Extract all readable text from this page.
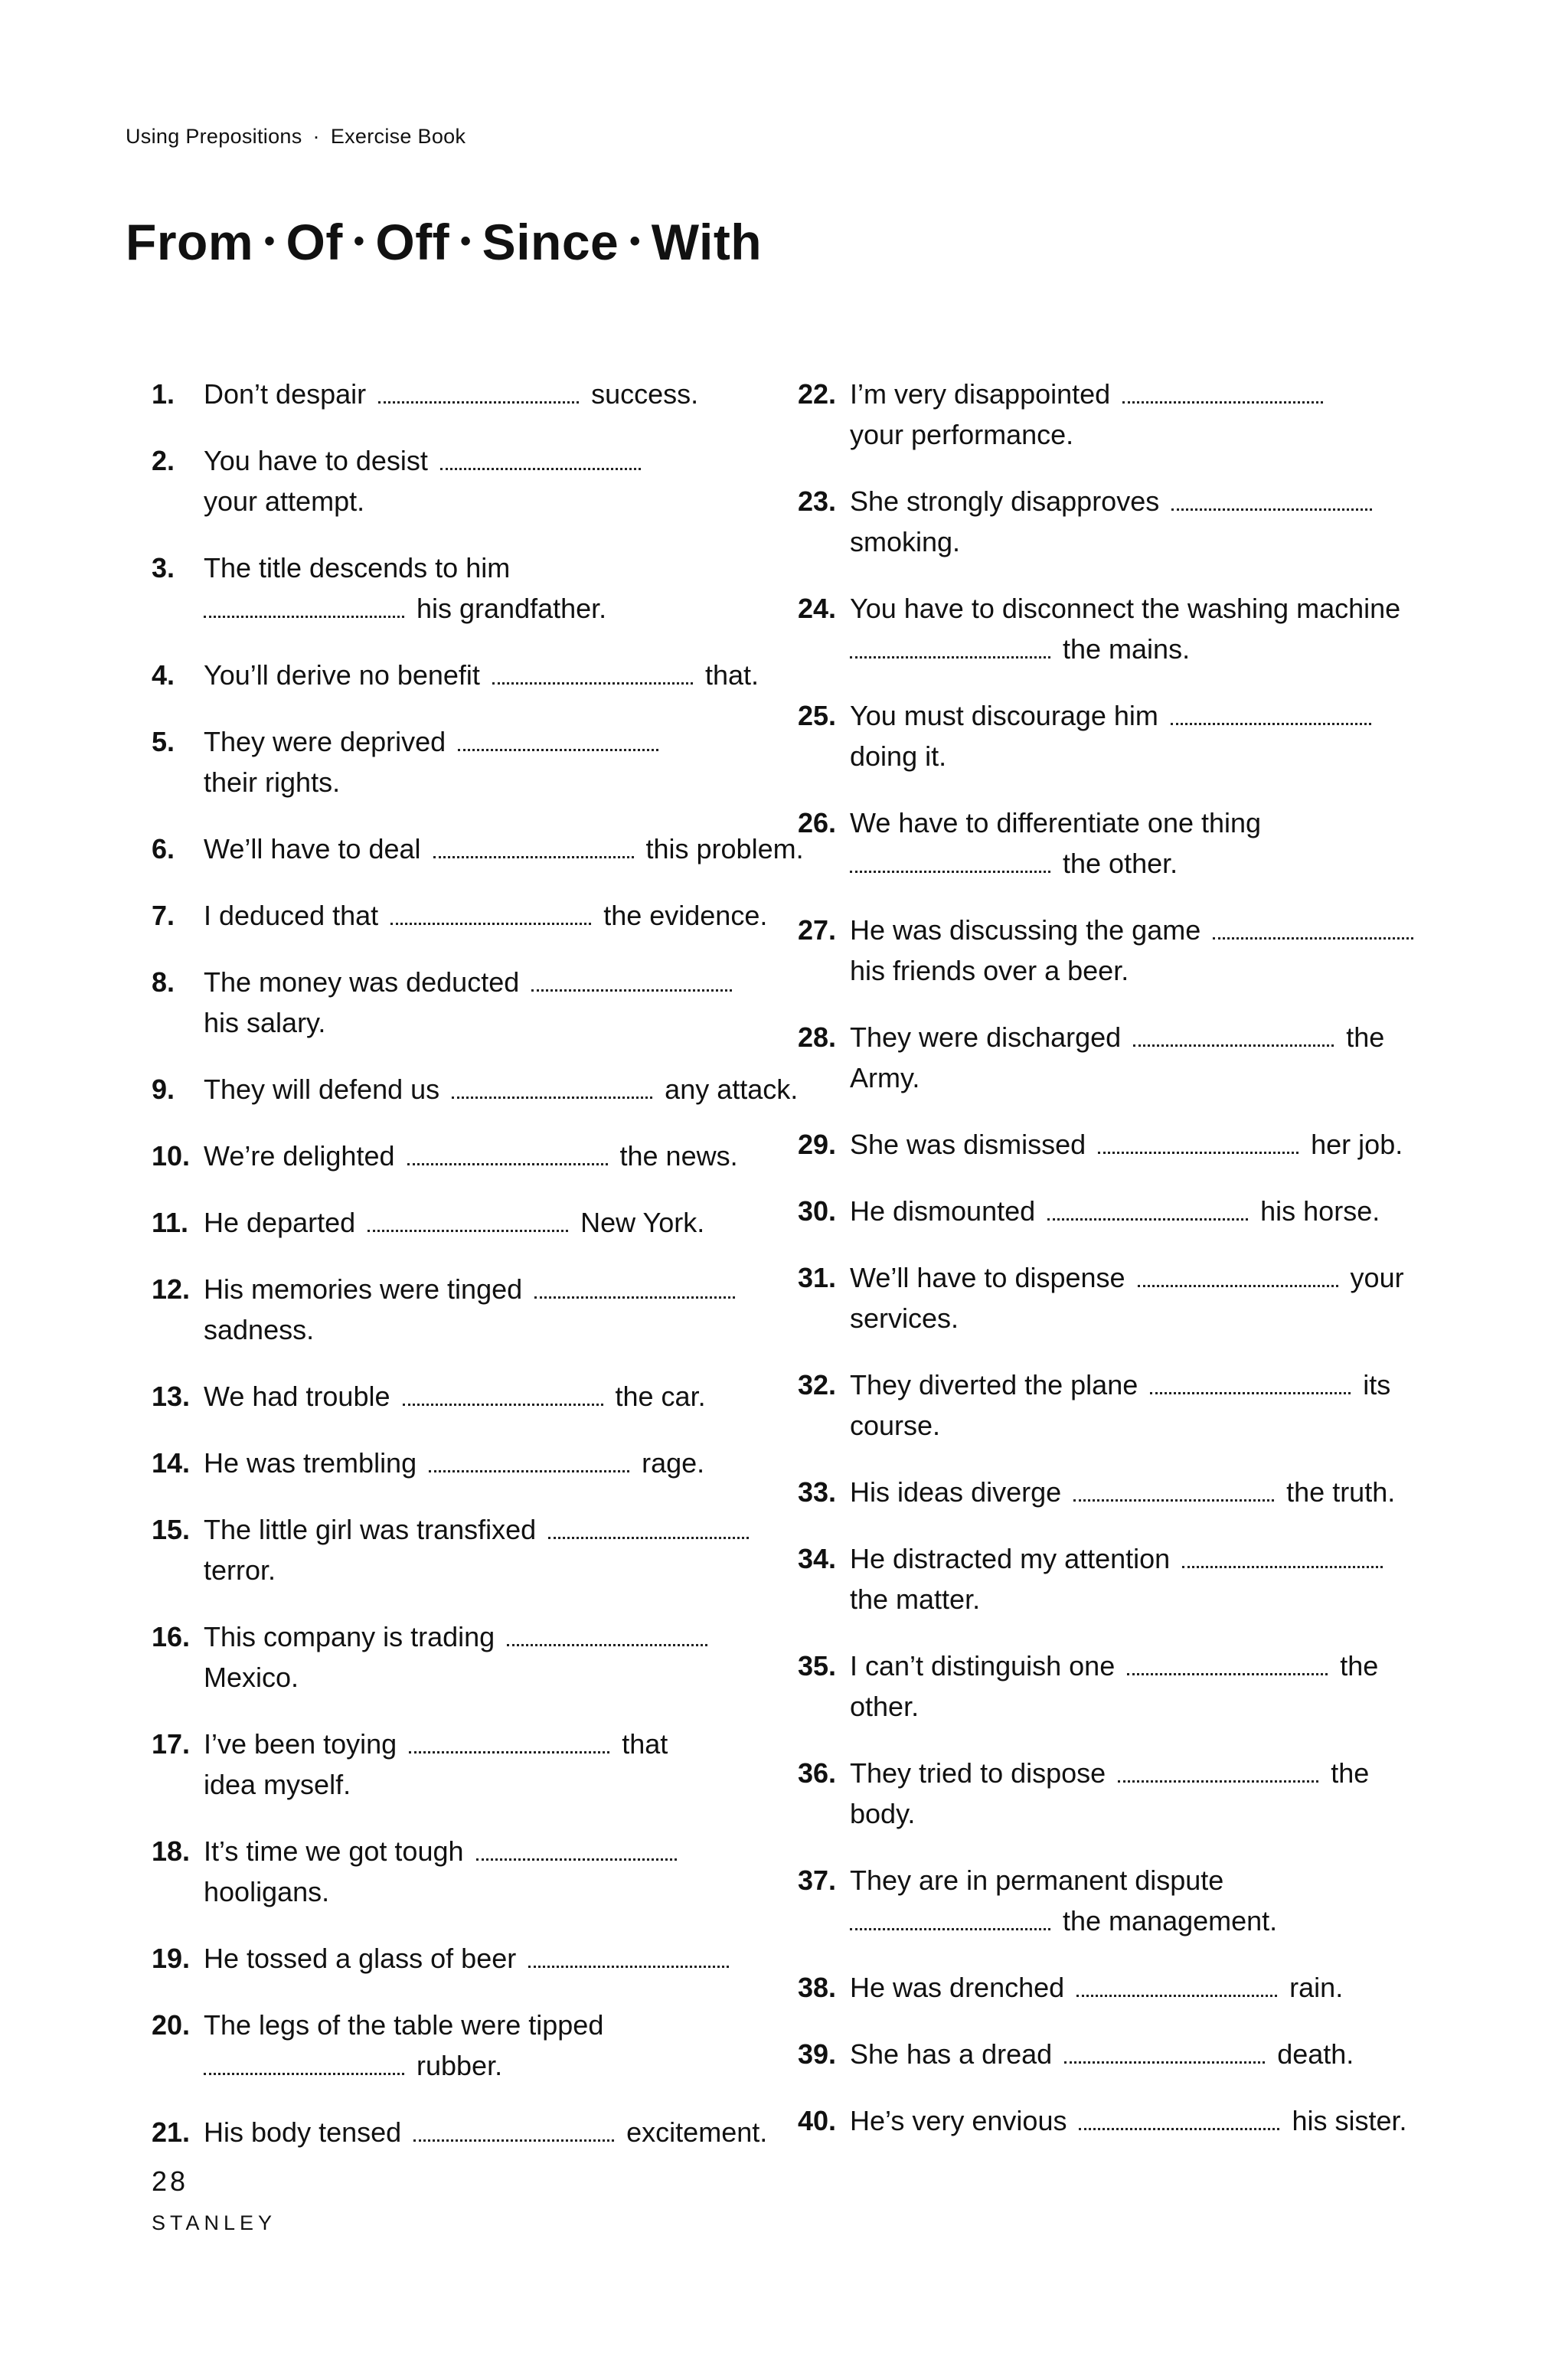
Using Prepositions · Exercise Book
From • Of • Off • Since • With
1. Don’t despair	success.
2. You have to desist
your attempt.
3. The title descends to him
his grandfather.
4. You’ll derive no benefit	that.
5. They were deprived
their rights.
6. We’ll have to deal	this problem.
7. I deduced that	the evidence.
8. The money was deducted
his salary.
9. They will defend us	any attack.
10. We’re delighted	the news.
11. He departed	New York.
12. His memories were tinged
sadness.
13. We had trouble	the car.
14. He was trembling	rage.
15. The little girl was transfixed
terror.
16. This company is trading
Mexico.
17. I’ve been toying	that
idea myself.
18. It’s time we got tough
hooligans.
19. He tossed a glass of beer
20. The legs of the table were tipped
rubber.
21. His body tensed	excitement.
22. I’m very disappointed
your performance.
23. She strongly disapproves
smoking.
24. You have to disconnect the washing machine
the mains.
25. You must discourage him
doing it.
26. We have to differentiate one thing
the other.
27. He was discussing the game
his friends over a beer.
28. They were discharged	the
Army.
29. She was dismissed	her job.
30. He dismounted	his horse.
31. We’ll have to dispense	your
services.
32. They diverted the plane	its
course.
33. His ideas diverge	the truth.
34. He distracted my attention
the matter.
35. I can’t distinguish one	the
other.
36. They tried to dispose	the
body.
37. They are in permanent dispute
the management.
38. He was drenched	rain.
39. She has a dread	death.
40. He’s very envious	his sister.
28
STANLEY
